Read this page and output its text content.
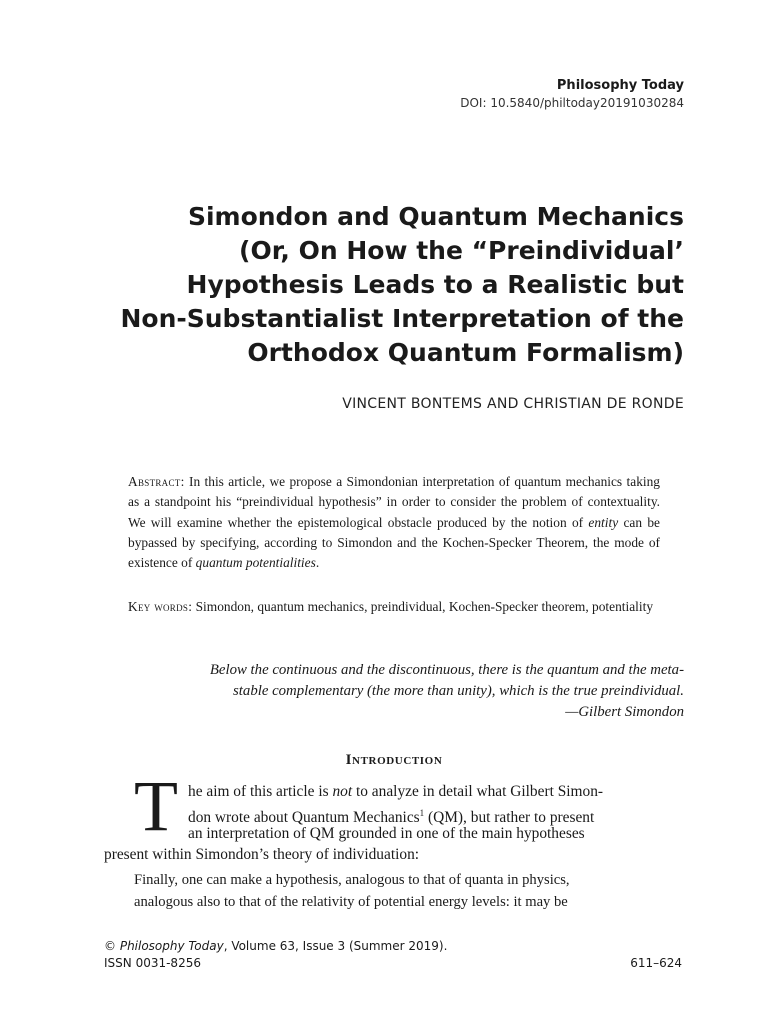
Philosophy Today
DOI: 10.5840/philtoday20191030284
Simondon and Quantum Mechanics
(Or, On How the “Preindividual’
Hypothesis Leads to a Realistic but
Non-Substantialist Interpretation of the
Orthodox Quantum Formalism)
VINCENT BONTEMS AND CHRISTIAN DE RONDE
Abstract: In this article, we propose a Simondonian interpretation of quantum mechanics taking as a standpoint his “preindividual hypothesis” in order to consider the problem of contextuality. We will examine whether the epistemological obstacle produced by the notion of entity can be bypassed by specifying, according to Simondon and the Kochen-Specker Theorem, the mode of existence of quantum potentialities.
Key words: Simondon, quantum mechanics, preindividual, Kochen-Specker theorem, potentiality
Below the continuous and the discontinuous, there is the quantum and the meta-
stable complementary (the more than unity), which is the true preindividual.
—Gilbert Simondon
Introduction
T he aim of this article is not to analyze in detail what Gilbert Simon-
don wrote about Quantum Mechanics$^1$ (QM), but rather to present
an interpretation of QM grounded in one of the main hypotheses
present within Simondon’s theory of individuation:
Finally, one can make a hypothesis, analogous to that of quanta in physics,
analogous also to that of the relativity of potential energy levels: it may be
© Philosophy Today, Volume 63, Issue 3 (Summer 2019).
ISSN 0031-8256	611–624
